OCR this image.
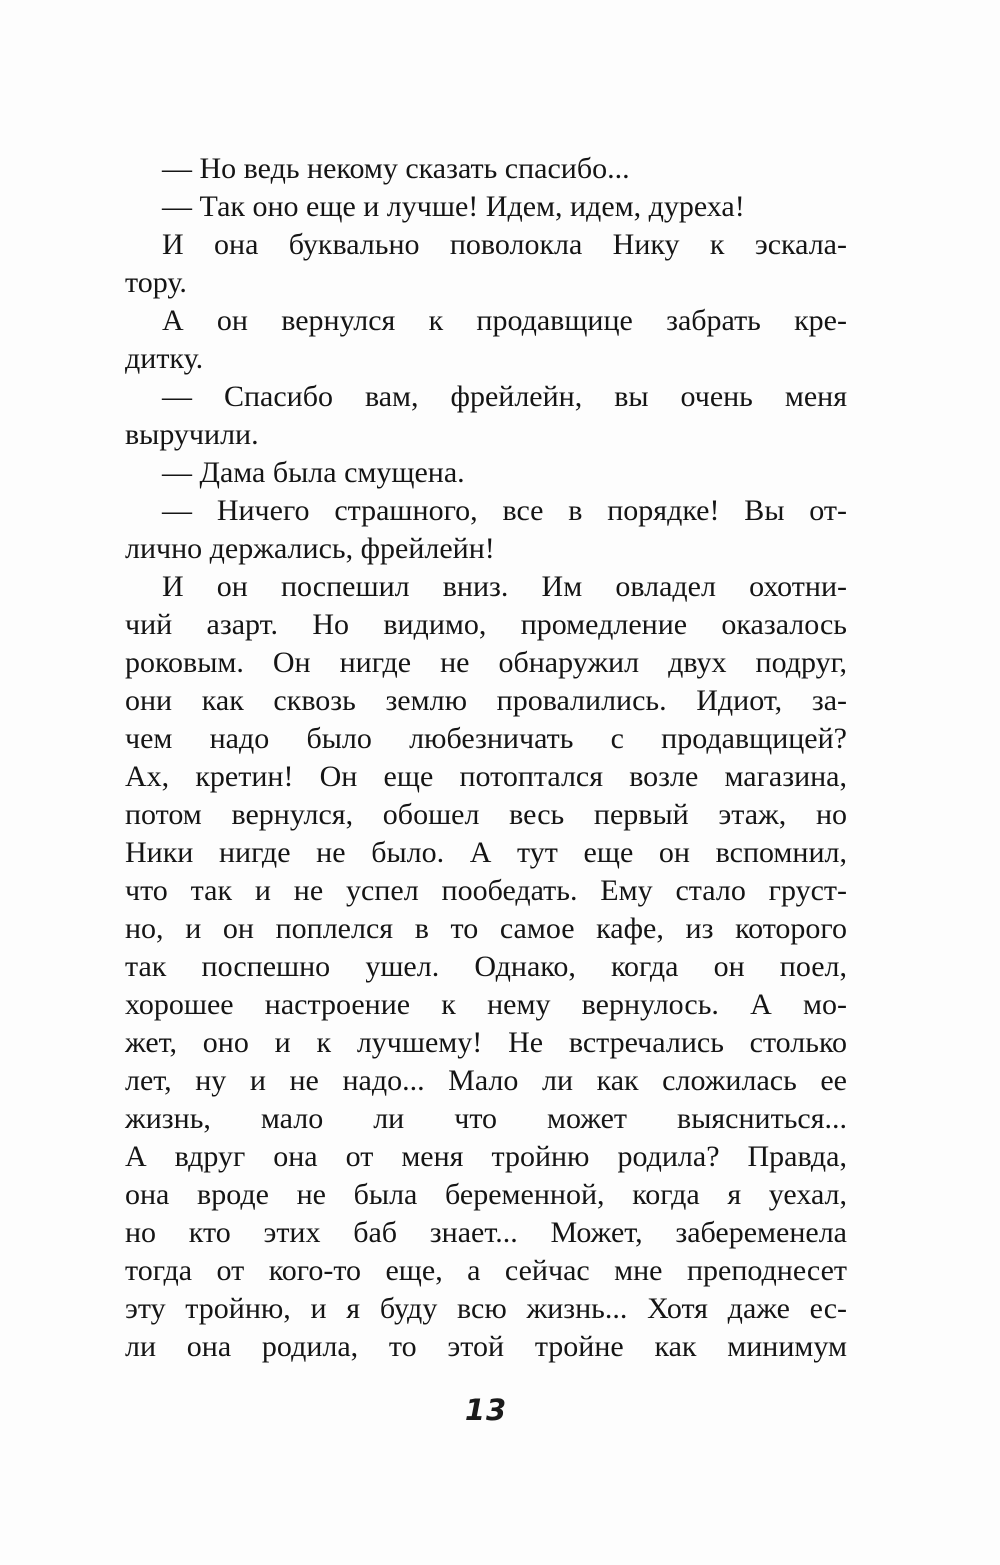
— Но ведь некому сказать спасибо...
— Так оно еще и лучше! Идем, идем, дуреха!
И она буквально поволокла Нику к эскала-
тору.
А он вернулся к продавщице забрать кре-
дитку.
— Спасибо вам, фрейлейн, вы очень меня
выручили.
— Дама была смущена.
— Ничего страшного, все в порядке! Вы от-
лично держались, фрейлейн!
И он поспешил вниз. Им овладел охотни-
чий азарт. Но видимо, промедление оказалось
роковым. Он нигде не обнаружил двух подруг,
они как сквозь землю провалились. Идиот, за-
чем надо было любезничать с продавщицей?
Ах, кретин! Он еще потоптался возле магазина,
потом вернулся, обошел весь первый этаж, но
Ники нигде не было. А тут еще он вспомнил,
что так и не успел пообедать. Ему стало груст-
но, и он поплелся в то самое кафе, из которого
так поспешно ушел. Однако, когда он поел,
хорошее настроение к нему вернулось. А мо-
жет, оно и к лучшему! Не встречались столько
лет, ну и не надо... Мало ли как сложилась ее
жизнь, мало ли что может выясниться...
А вдруг она от меня тройню родила? Правда,
она вроде не была беременной, когда я уехал,
но кто этих баб знает... Может, забеременела
тогда от кого-то еще, а сейчас мне преподнесет
эту тройню, и я буду всю жизнь... Хотя даже ес-
ли она родила, то этой тройне как минимум
13
